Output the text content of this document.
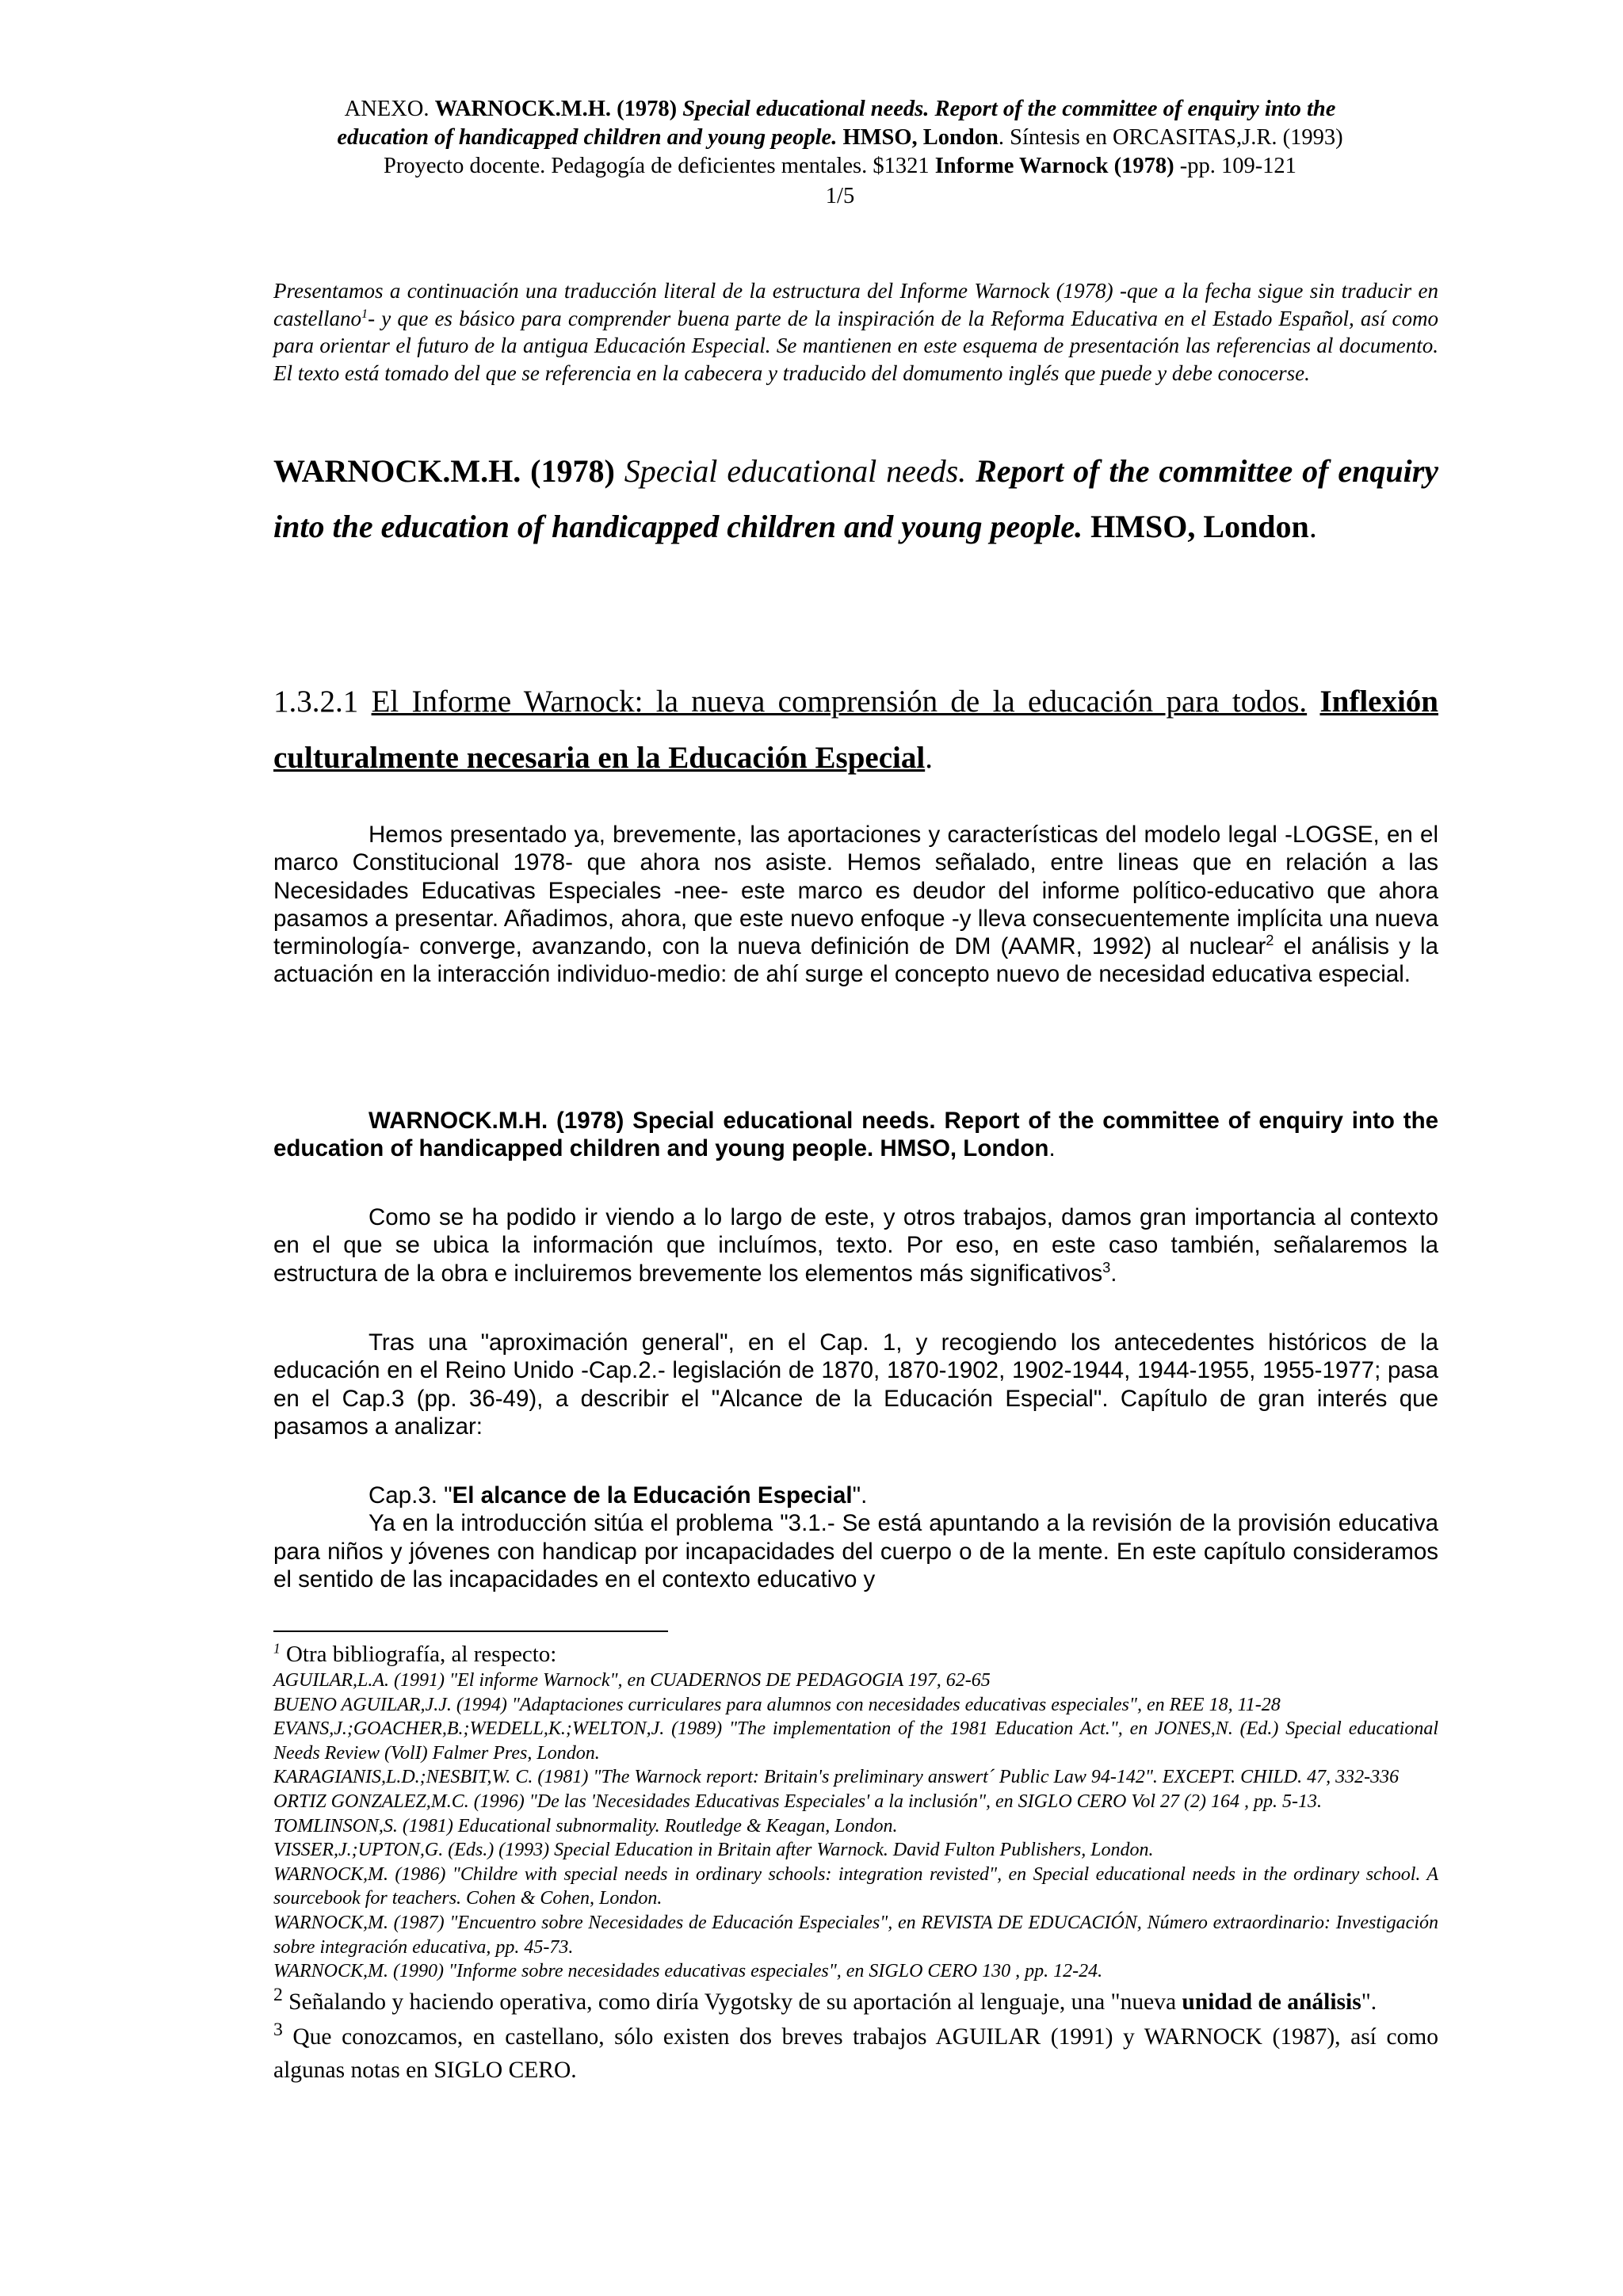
ANEXO. WARNOCK.M.H. (1978) Special educational needs. Report of the committee of enquiry into the

education of handicapped children and young people. HMSO, London. Síntesis en ORCASITAS,J.R. (1993)

Proyecto docente. Pedagogía de deficientes mentales. $1321 Informe Warnock (1978) -pp. 109-121

1/5

Presentamos a continuación una traducción literal de la estructura del Informe Warnock (1978) -que a la fecha sigue sin traducir en castellano$^1$- y que es básico para comprender buena parte de la inspiración de la Reforma Educativa en el Estado Español, así como para orientar el futuro de la antigua Educación Especial. Se mantienen en este esquema de presentación las referencias al documento. El texto está tomado del que se referencia en la cabecera y traducido del domumento inglés que puede y debe conocerse.
WARNOCK.M.H. (1978) Special educational needs. Report of the committee of enquiry into the education of handicapped children and young people. HMSO, London.
1.3.2.1 El Informe Warnock: la nueva comprensión de la educación para todos. Inflexión culturalmente necesaria en la Educación Especial.

Hemos presentado ya, brevemente, las aportaciones y características del modelo legal -LOGSE, en el marco Constitucional 1978- que ahora nos asiste. Hemos señalado, entre lineas que en relación a las Necesidades Educativas Especiales -nee- este marco es deudor del informe político-educativo que ahora pasamos a presentar. Añadimos, ahora, que este nuevo enfoque -y lleva consecuentemente implícita una nueva terminología- converge, avanzando, con la nueva definición de DM (AAMR, 1992) al nuclear$^2$ el análisis y la actuación en la interacción individuo-medio: de ahí surge el concepto nuevo de necesidad educativa especial.

WARNOCK.M.H. (1978) Special educational needs. Report of the committee of enquiry into the education of handicapped children and young people. HMSO, London.

Como se ha podido ir viendo a lo largo de este, y otros trabajos, damos gran importancia al contexto en el que se ubica la información que incluímos, texto. Por eso, en este caso también, señalaremos la estructura de la obra e incluiremos brevemente los elementos más significativos$^3$.

Tras una "aproximación general", en el Cap. 1, y recogiendo los antecedentes históricos de la educación en el Reino Unido -Cap.2.- legislación de 1870, 1870-1902, 1902-1944, 1944-1955, 1955-1977; pasa en el Cap.3 (pp. 36-49), a describir el "Alcance de la Educación Especial". Capítulo de gran interés que pasamos a analizar:

Cap.3. "El alcance de la Educación Especial".

Ya en la introducción sitúa el problema "3.1.- Se está apuntando a la revisión de la provisión educativa para niños y jóvenes con handicap por incapacidades del cuerpo o de la mente. En este capítulo consideramos el sentido de las incapacidades en el contexto educativo y

$^1$ Otra bibliografía, al respecto:

AGUILAR,L.A. (1991) "El informe Warnock", en CUADERNOS DE PEDAGOGIA 197, 62-65

BUENO AGUILAR,J.J. (1994) "Adaptaciones curriculares para alumnos con necesidades educativas especiales", en REE 18, 11-28

EVANS,J.;GOACHER,B.;WEDELL,K.;WELTON,J. (1989) "The implementation of the 1981 Education Act.", en JONES,N. (Ed.) Special educational Needs Review (VolI) Falmer Pres, London.

KARAGIANIS,L.D.;NESBIT,W. C. (1981) "The Warnock report: Britain's preliminary answert´ Public Law 94-142". EXCEPT. CHILD. 47, 332-336

ORTIZ GONZALEZ,M.C. (1996) "De las 'Necesidades Educativas Especiales' a la inclusión", en SIGLO CERO Vol 27 (2) 164 , pp. 5-13.

TOMLINSON,S. (1981) Educational subnormality. Routledge & Keagan, London.

VISSER,J.;UPTON,G. (Eds.) (1993) Special Education in Britain after Warnock. David Fulton Publishers, London.

WARNOCK,M. (1986) "Childre with special needs in ordinary schools: integration revisted", en Special educational needs in the ordinary school. A sourcebook for teachers. Cohen & Cohen, London.

WARNOCK,M. (1987) "Encuentro sobre Necesidades de Educación Especiales", en REVISTA DE EDUCACIÓN, Número extraordinario: Investigación sobre integración educativa, pp. 45-73.

WARNOCK,M. (1990) "Informe sobre necesidades educativas especiales", en SIGLO CERO 130 , pp. 12-24.

$^2$ Señalando y haciendo operativa, como diría Vygotsky de su aportación al lenguaje, una "nueva unidad de análisis".

$^3$ Que conozcamos, en castellano, sólo existen dos breves trabajos AGUILAR (1991) y WARNOCK (1987), así como algunas notas en SIGLO CERO.
